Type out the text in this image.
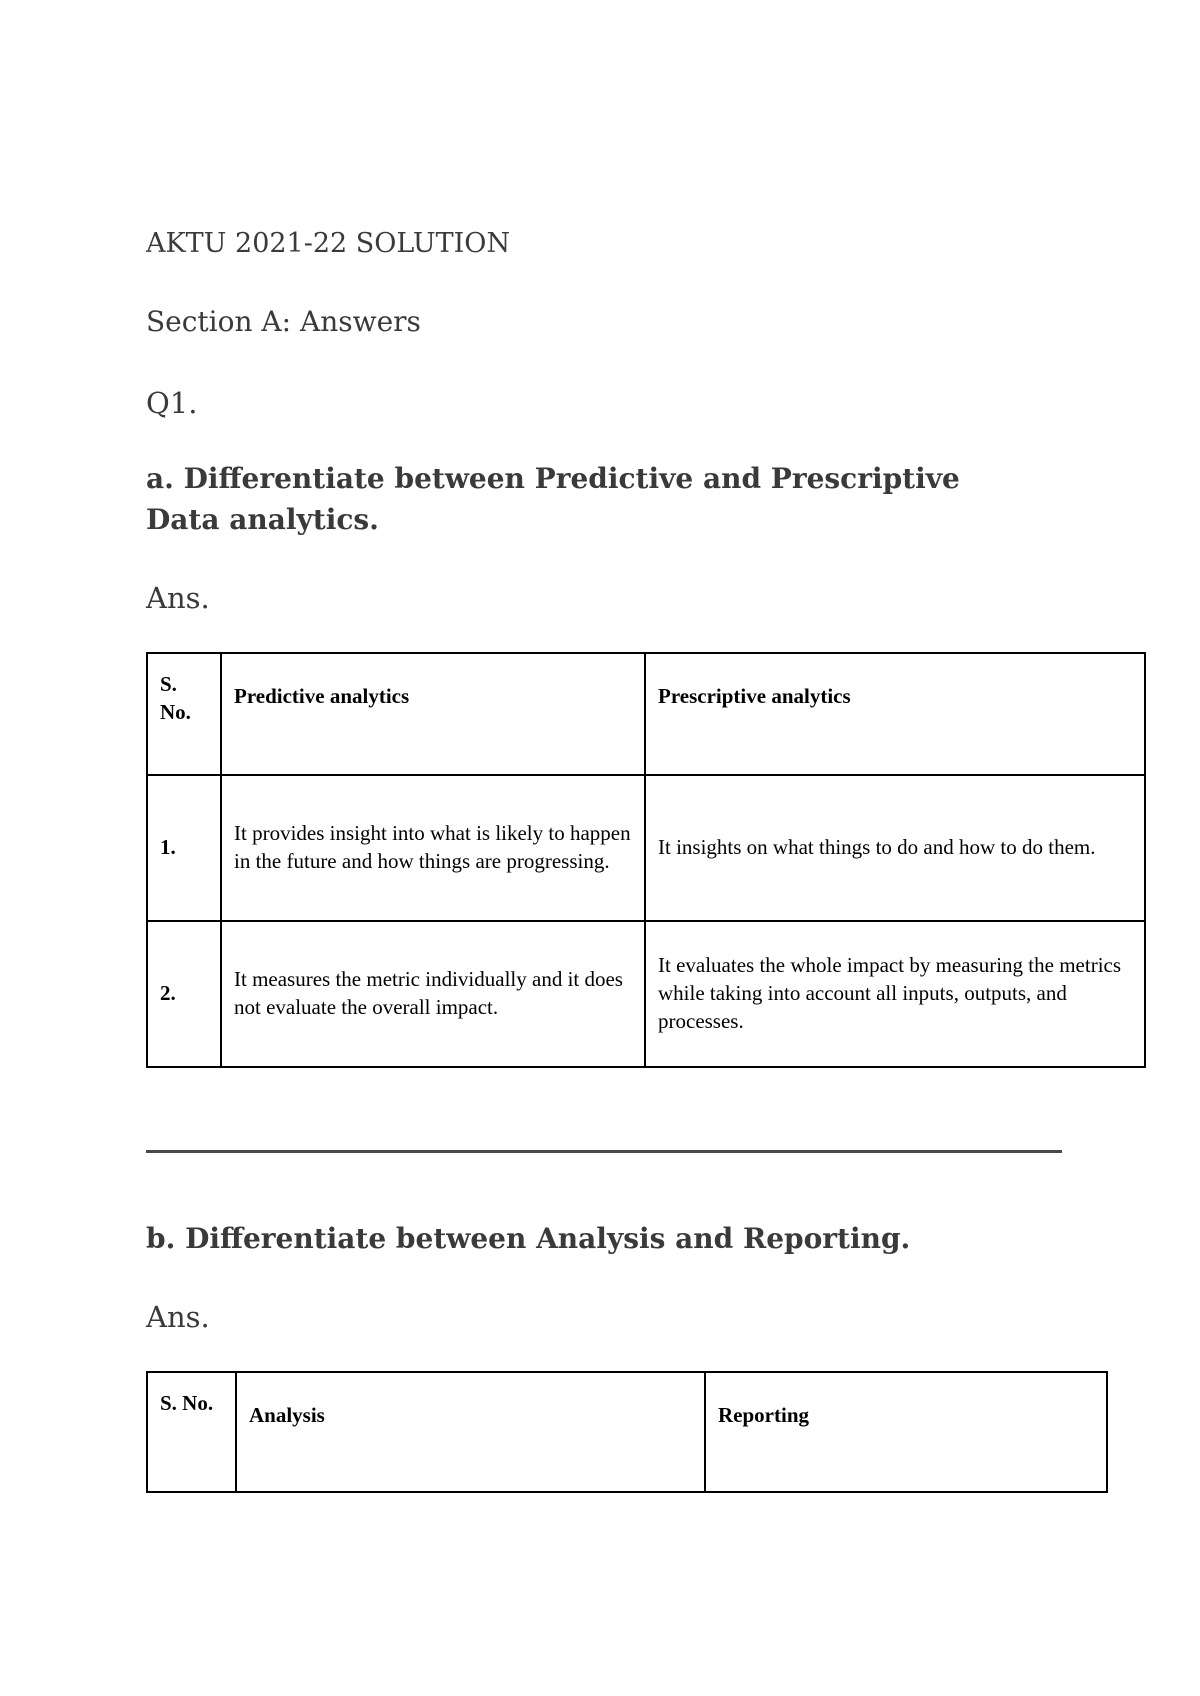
AKTU 2021-22 SOLUTION

Section A: Answers

Q1.

a. Differentiate between Predictive and Prescriptive Data analytics.

Ans.

S. No.	Predictive analytics	Prescriptive analytics
1.	It provides insight into what is likely to happen in the future and how things are progressing.	It insights on what things to do and how to do them.
2.	It measures the metric individually and it does not evaluate the overall impact.	It evaluates the whole impact by measuring the metrics while taking into account all inputs, outputs, and processes.

b. Differentiate between Analysis and Reporting.

Ans.

S. No.	Analysis	Reporting
